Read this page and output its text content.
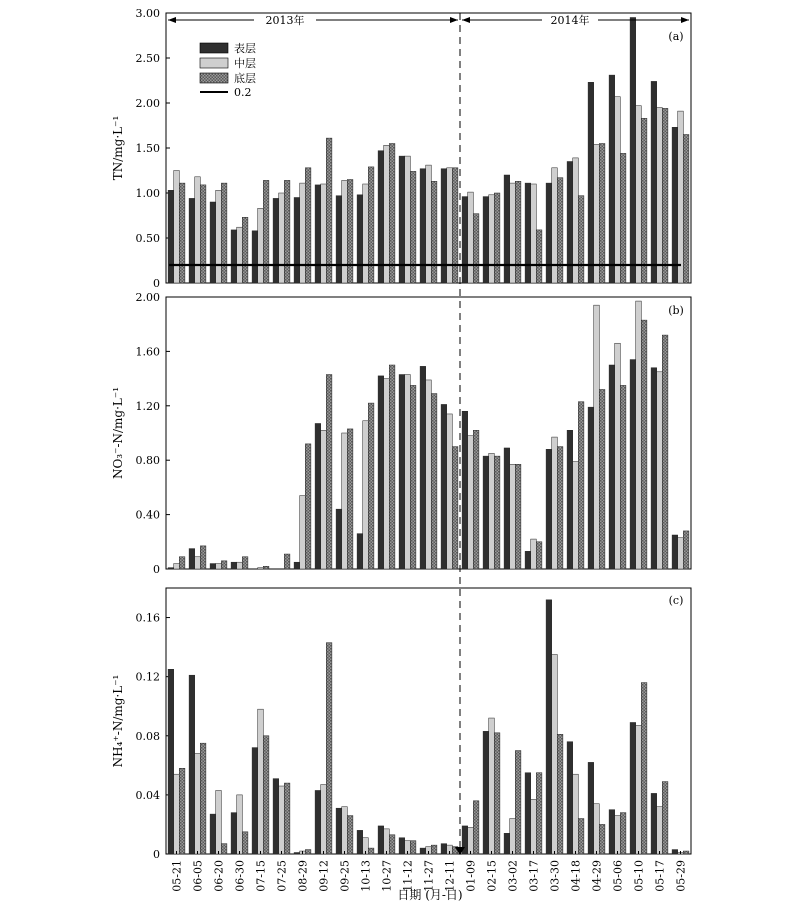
0
0.50
1.00
1.50
2.00
2.50
3.00
TN/mg·L⁻¹
(a)
2013年	2014年
表层
中层
底层
0.2
0
0.40
0.80
1.20
1.60
2.00
NO₃⁻-N/mg·L⁻¹
(b)
0
0.04
0.08
0.12
0.16
05-21 06-05 06-20 06-30 07-15 07-25 08-29 09-12 09-25 10-13 10-27 11-12 11-27 12-11 01-09 02-15 03-02 03-17 03-30 04-18 04-29 05-06 05-10 05-17 05-29
NH₄⁺-N/mg·L⁻¹
(c)
日期 (月-日)
